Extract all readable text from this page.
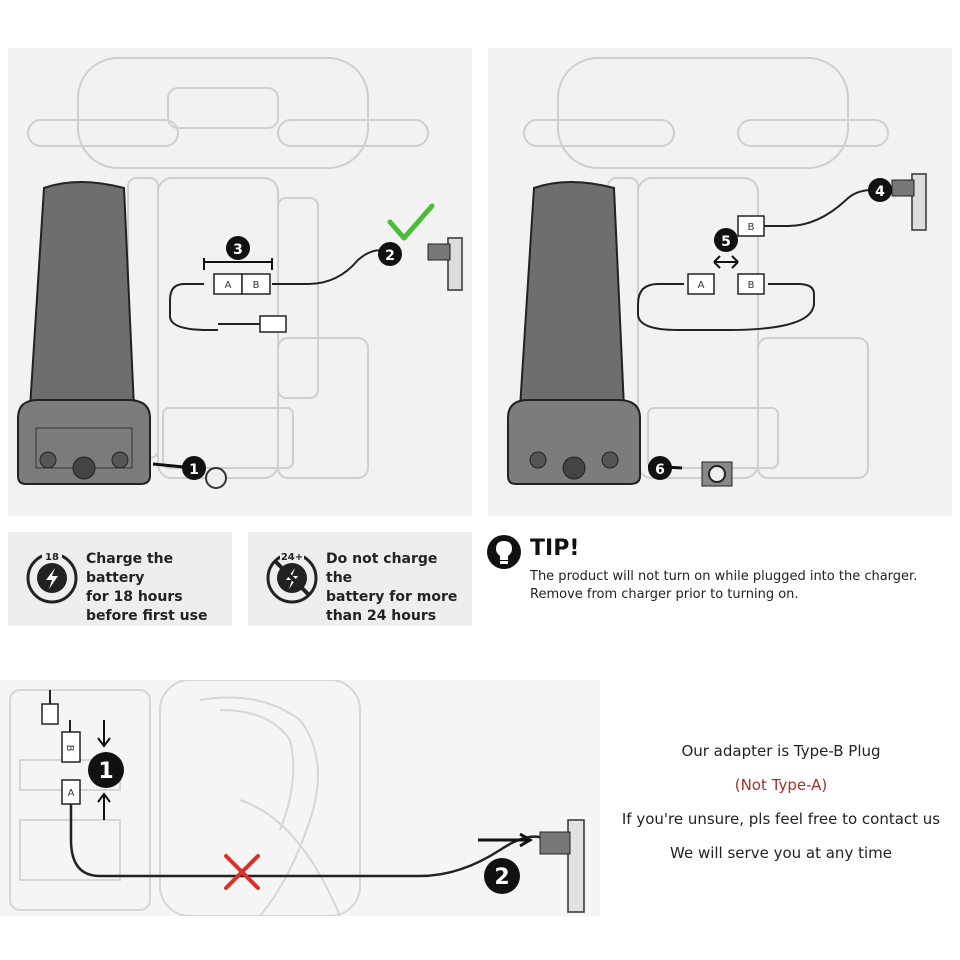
A B
1
2
3
A	B
B
4
5
6
18 Charge the battery
for 18 hours
before first use
24+ Do not charge the
battery for more
than 24 hours
TIP!
The product will not turn on while plugged into the charger.
Remove from charger prior to turning on.
B
A
1
2
Our adapter is Type-B Plug
(Not Type-A)
If you're unsure, pls feel free to contact us
We will serve you at any time
